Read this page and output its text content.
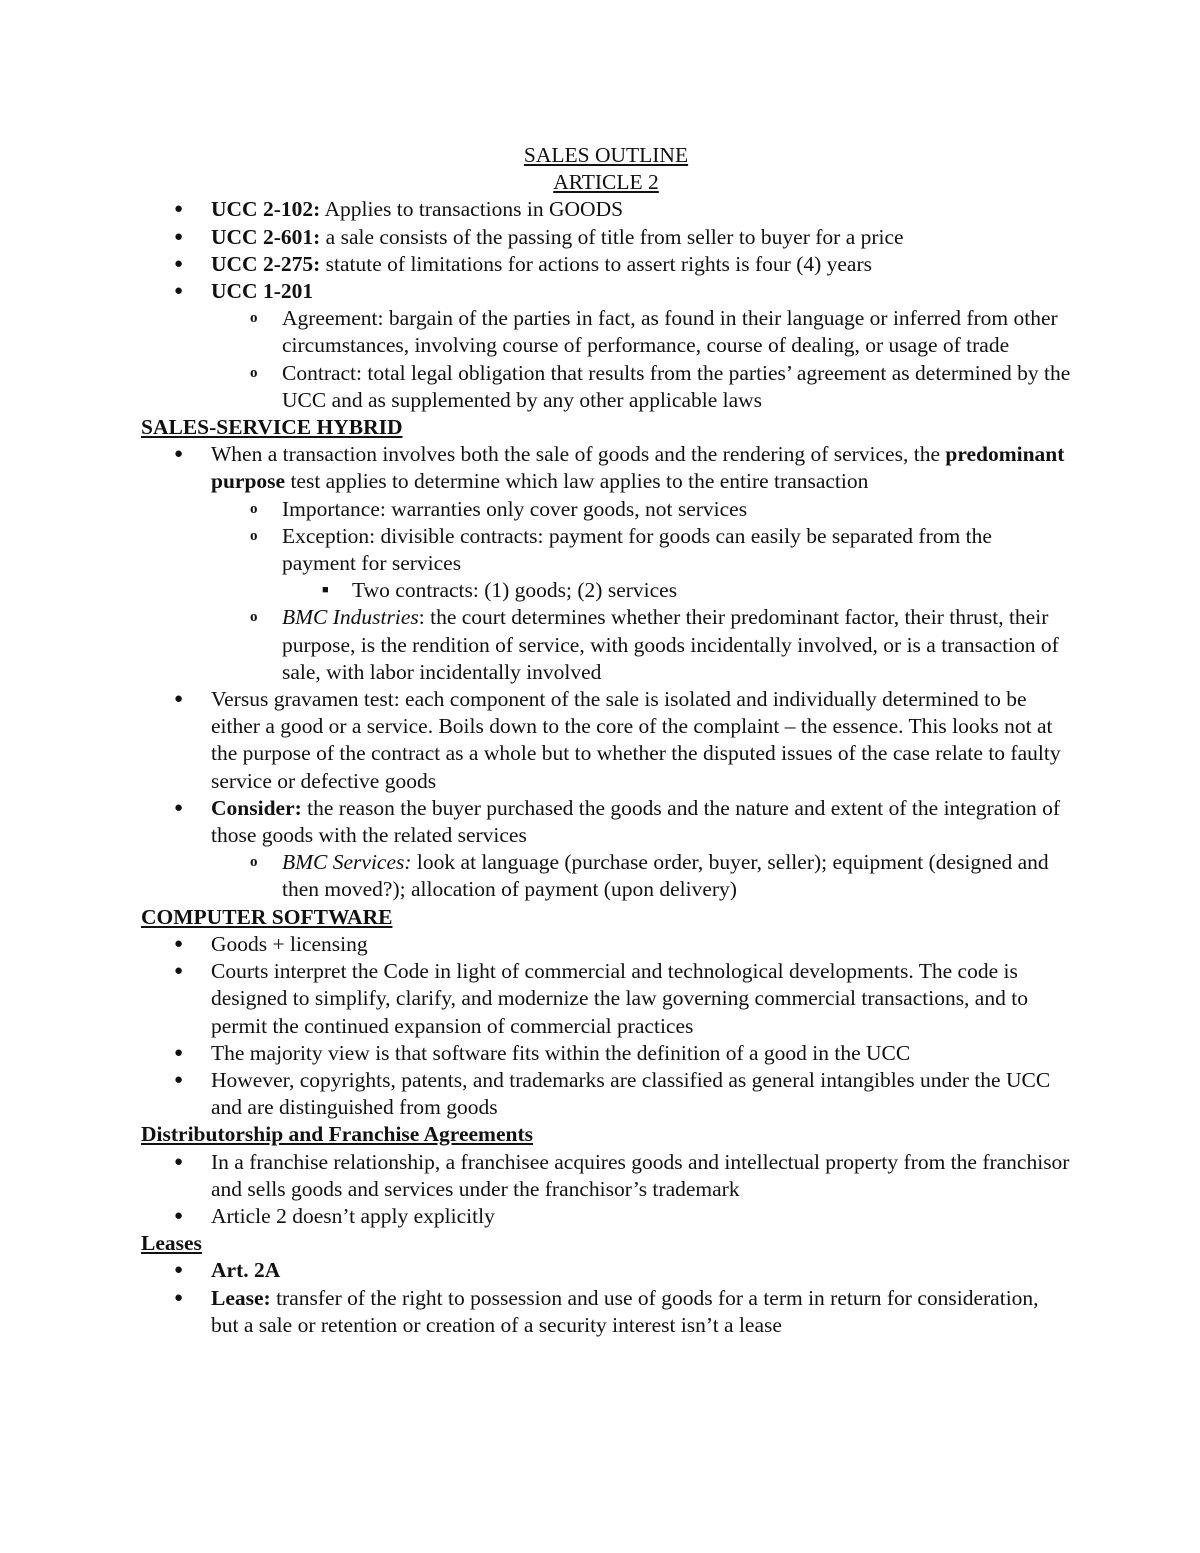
SALES OUTLINE
ARTICLE 2
● UCC 2-102: Applies to transactions in GOODS
● UCC 2-601: a sale consists of the passing of title from seller to buyer for a price
● UCC 2-275: statute of limitations for actions to assert rights is four (4) years
● UCC 1-201
o Agreement: bargain of the parties in fact, as found in their language or inferred from other circumstances, involving course of performance, course of dealing, or usage of trade
o Contract: total legal obligation that results from the parties’ agreement as determined by the UCC and as supplemented by any other applicable laws
SALES-SERVICE HYBRID
● When a transaction involves both the sale of goods and the rendering of services, the predominant purpose test applies to determine which law applies to the entire transaction
o Importance: warranties only cover goods, not services
o Exception: divisible contracts: payment for goods can easily be separated from the payment for services
■ Two contracts: (1) goods; (2) services
o BMC Industries: the court determines whether their predominant factor, their thrust, their purpose, is the rendition of service, with goods incidentally involved, or is a transaction of sale, with labor incidentally involved
● Versus gravamen test: each component of the sale is isolated and individually determined to be either a good or a service. Boils down to the core of the complaint – the essence. This looks not at the purpose of the contract as a whole but to whether the disputed issues of the case relate to faulty service or defective goods
● Consider: the reason the buyer purchased the goods and the nature and extent of the integration of those goods with the related services
o BMC Services: look at language (purchase order, buyer, seller); equipment (designed and then moved?); allocation of payment (upon delivery)
COMPUTER SOFTWARE
● Goods + licensing
● Courts interpret the Code in light of commercial and technological developments. The code is designed to simplify, clarify, and modernize the law governing commercial transactions, and to permit the continued expansion of commercial practices
● The majority view is that software fits within the definition of a good in the UCC
● However, copyrights, patents, and trademarks are classified as general intangibles under the UCC and are distinguished from goods
Distributorship and Franchise Agreements
● In a franchise relationship, a franchisee acquires goods and intellectual property from the franchisor and sells goods and services under the franchisor’s trademark
● Article 2 doesn’t apply explicitly
Leases
● Art. 2A
● Lease: transfer of the right to possession and use of goods for a term in return for consideration, but a sale or retention or creation of a security interest isn’t a lease
